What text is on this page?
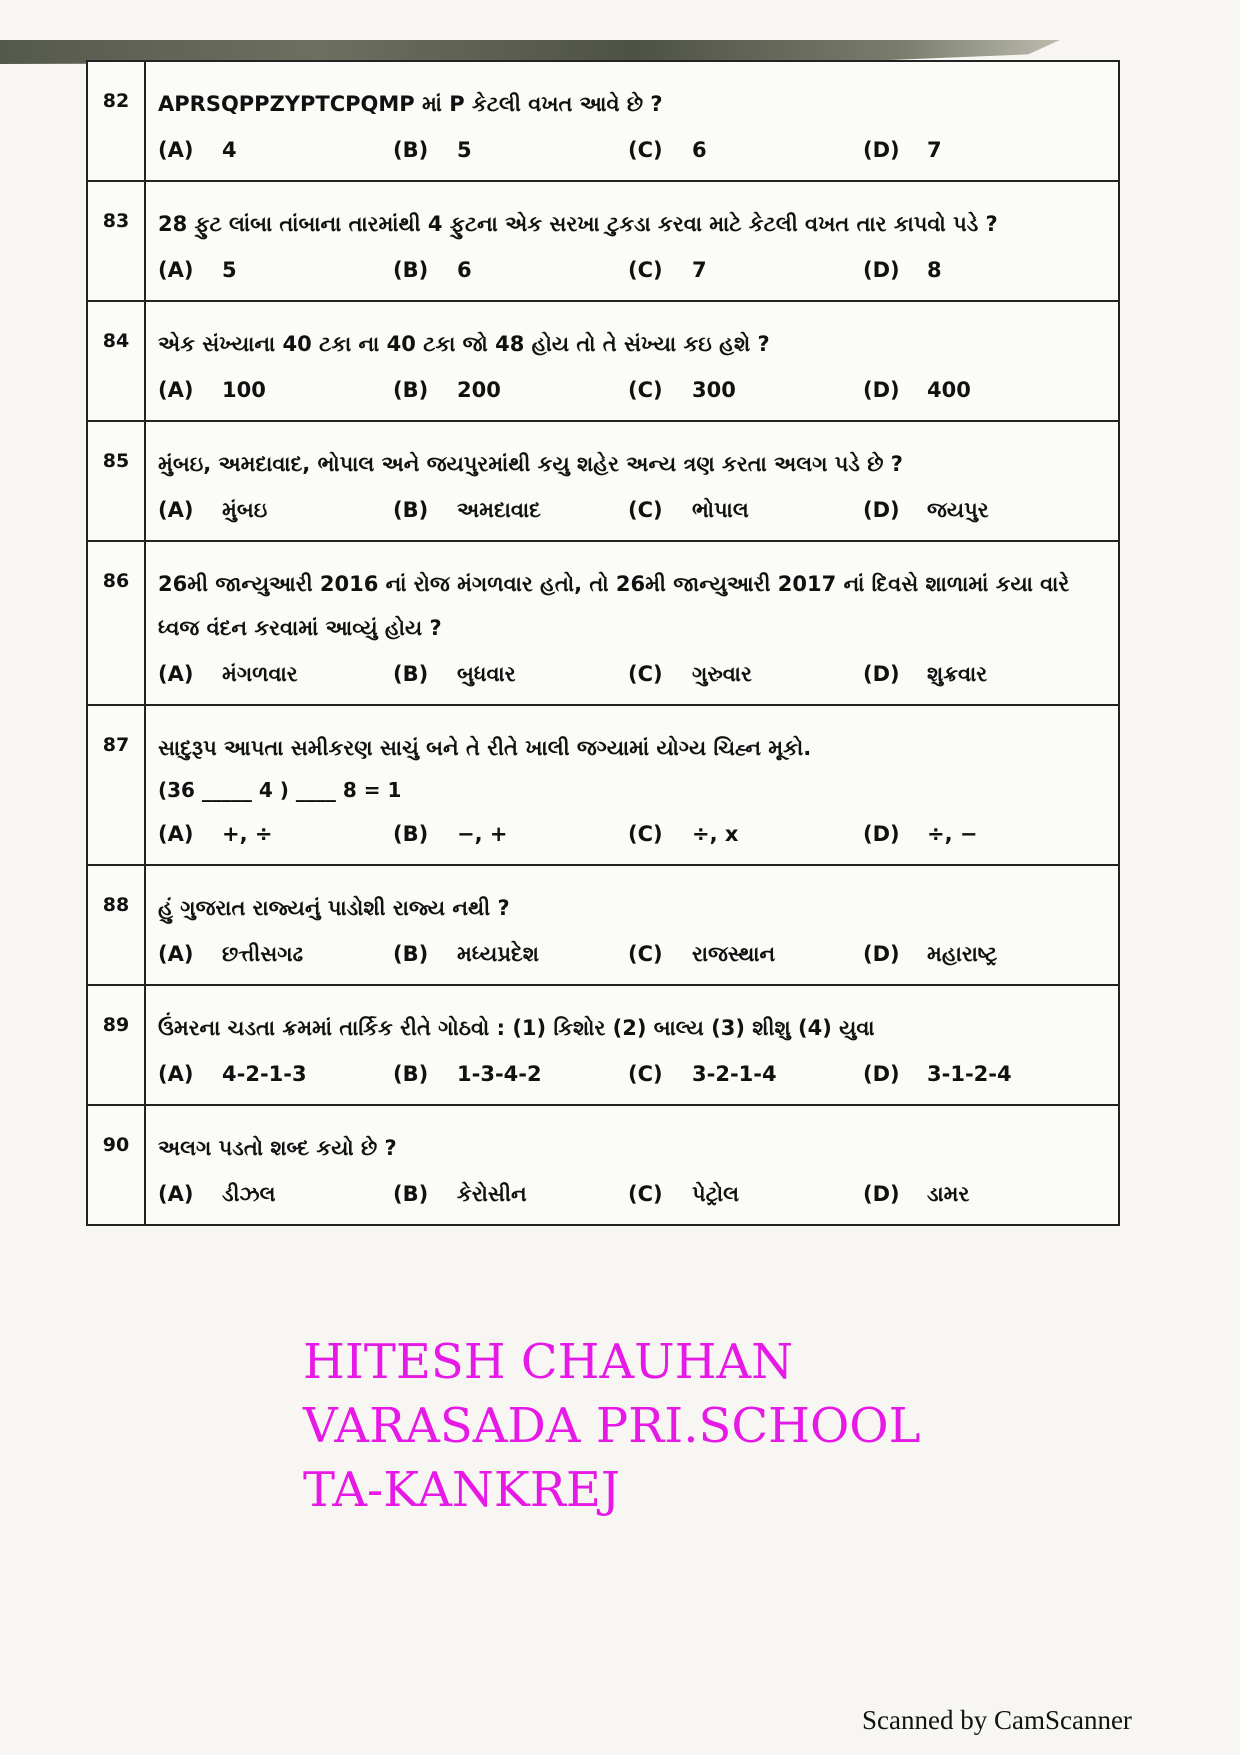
82	APRSQPPZYPTCPQMP માં P કેટલી વખત આવે છે ?
(A) 4	(B) 5	(C) 6	(D) 7
83	28 ફુટ લાંબા તાંબાના તારમાંથી 4 ફુટના એક સરખા ટુકડા કરવા માટે કેટલી વખત તાર કાપવો પડે ?
(A) 5	(B) 6	(C) 7	(D) 8
84	એક સંખ્યાના 40 ટકા ના 40 ટકા જો 48 હોય તો તે સંખ્યા કઇ હશે ?
(A) 100	(B) 200	(C) 300	(D) 400
85	મુંબઇ, અમદાવાદ, ભોપાલ અને જયપુરમાંથી કયુ શહેર અન્ય ત્રણ કરતા અલગ પડે છે ?
(A) મુંબઇ	(B) અમદાવાદ	(C) ભોપાલ	(D) જયપુર
86	26મી જાન્યુઆરી 2016 નાં રોજ મંગળવાર હતો, તો 26મી જાન્યુઆરી 2017 નાં દિવસે શાળામાં કયા વારે ધ્વજ વંદન કરવામાં આવ્યું હોય ?
(A) મંગળવાર	(B) બુધવાર	(C) ગુરુવાર	(D) શુક્રવાર
87	સાદુરૂપ આપતા સમીકરણ સાચું બને તે રીતે ખાલી જગ્યામાં યોગ્ય ચિહ્ન મૂકો.
(36 _____ 4 ) ____ 8 = 1
(A) +, ÷	(B) −, +	(C) ÷, x	(D) ÷, −
88	હું ગુજરાત રાજ્યનું પાડોશી રાજ્ય નથી ?
(A) છત્તીસગઢ	(B) મધ્યપ્રદેશ	(C) રાજસ્થાન	(D) મહારાષ્ટ્ર
89	ઉંમરના ચડતા ક્રમમાં તાર્કિક રીતે ગોઠવો : (1) કિશોર (2) બાલ્ય (3) શીશુ (4) યુવા
(A) 4-2-1-3	(B) 1-3-4-2	(C) 3-2-1-4	(D) 3-1-2-4
90	અલગ પડતો શબ્દ કયો છે ?
(A) ડીઝલ	(B) કેરોસીન	(C) પેટ્રોલ	(D) ડામર
HITESH CHAUHAN
VARASADA PRI.SCHOOL
TA-KANKREJ
Scanned by CamScanner
